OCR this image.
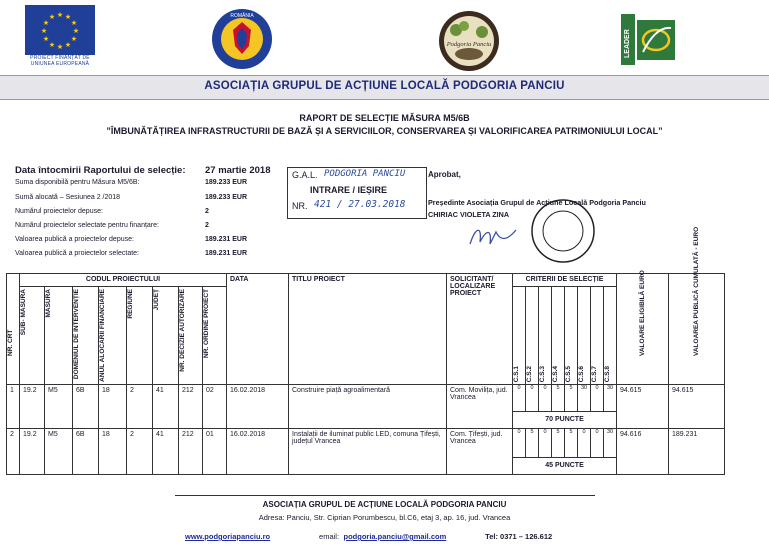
★ ★
★
★
★
★
★
★
★
★
★
★
PROIECT FINANȚAT DE UNIUNEA EUROPEANĂ
ROMÂNIA
Podgoria Panciu	LEADER
ASOCIAȚIA GRUPUL DE ACȚIUNE LOCALĂ PODGORIA PANCIU
RAPORT DE SELECȚIE MĂSURA M5/6B
”ÎMBUNĂTĂȚIREA INFRASTRUCTURII DE BAZĂ ȘI A SERVICIILOR, CONSERVAREA ȘI VALORIFICAREA PATRIMONIULUI LOCAL”
Data întocmirii Raportului de selecție: 27 martie 2018
Suma disponibilă pentru Măsura M5/6B:	189.233 EUR
Sumă alocată – Sesiunea 2 /2018	189.233 EUR
Numărul proiectelor depuse:	2
Numărul proiectelor selectate pentru finanțare:	2
Valoarea publică a proiectelor depuse:	189.231 EUR
Valoarea publică a proiectelor selectate:	189.231 EUR
G.A.L. PODGORIA PANCIU
INTRARE / IEȘIRE
NR. 421 / 27.03.2018
Aprobat,
Președinte Asociația Grupul de Acțiune Locală Podgoria Panciu
CHIRIAC VIOLETA ZINA
NR. CRT	CODUL PROIECTULUI								DATA	TITLU PROIECT	SOLICITANT/ LOCALIZARE PROIECT	CRITERII DE SELECȚIE								VALOARE ELIGIBILĂ EURO	VALOAREA PUBLICĂ CUMULATĂ - EURO

	SUB- MĂSURA	MĂSURA	DOMENIUL DE INTERVENȚIE	ANUL ALOCĂRII FINANCIARE	REGIUNE	JUDEȚ	NR. DECIZIE AUTORIZARE	NR. ORDINE PROIECT				C.S.1	C.S.2	C.S.3	C.S.4	C.S.5	C.S.6	C.S.7	C.S.8		

1	19.2	M5	6B	18	2	41	212	02	16.02.2018	Construire piață agroalimentară	Com. Movilița, jud. Vrancea	0	0	0	5	5	30	0	30	94.615	94.615
												70 PUNCTE									
2	19.2	M5	6B	18	2	41	212	01	16.02.2018	Instalații de iluminat public LED, comuna Țifești, județul Vrancea	Com. Țifești, jud. Vrancea	0	5	0	5	5	0	0	30	94.616	189.231
												45 PUNCTE									
ASOCIAȚIA GRUPUL DE ACȚIUNE LOCALĂ PODGORIA PANCIU
Adresa: Panciu, Str. Ciprian Porumbescu, bl.C6, etaj 3, ap. 16, jud. Vrancea
www.podgoriapanciu.ro	email: podgoria.panciu@gmail.com	Tel: 0371 – 126.612
